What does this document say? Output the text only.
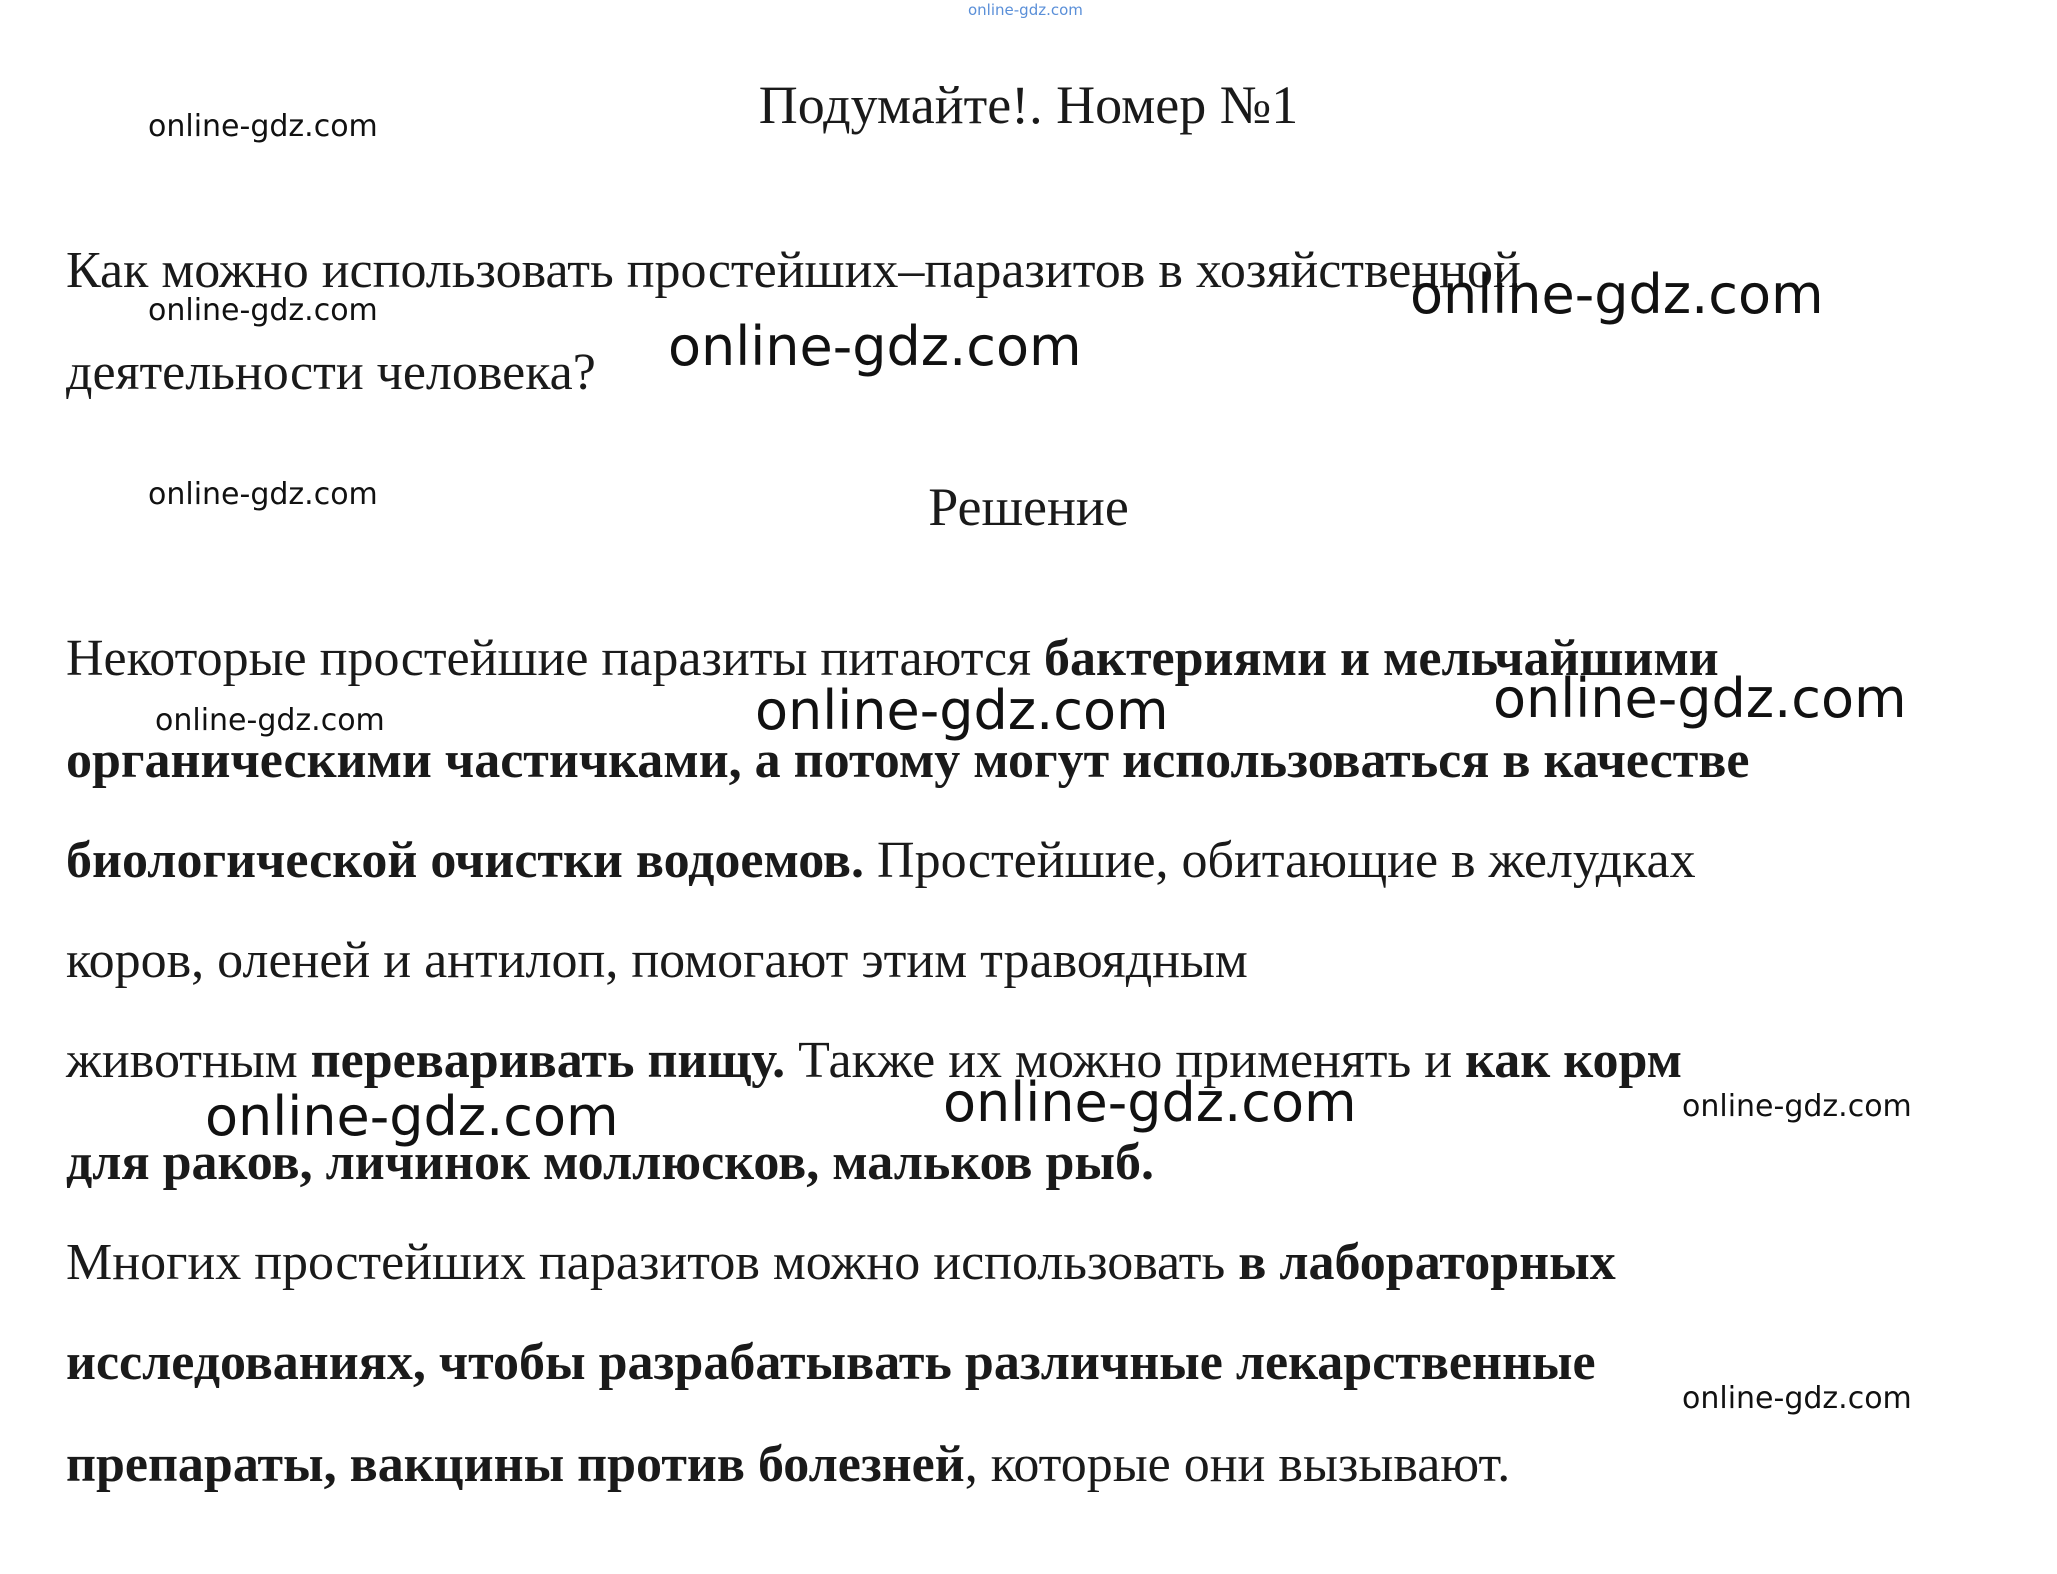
online-gdz.com
Подумайте!. Номер №1
Как можно использовать простейших–паразитов в хозяйственной
деятельности человека?
Решение
Некоторые простейшие паразиты питаются бактериями и мельчайшими
органическими частичками, а потому могут использоваться в качестве
биологической очистки водоемов. Простейшие, обитающие в желудках
коров, оленей и антилоп, помогают этим травоядным
животным переваривать пищу. Также их можно применять и как корм
для раков, личинок моллюсков, мальков рыб.
Многих простейших паразитов можно использовать в лабораторных
исследованиях, чтобы разрабатывать различные лекарственные
препараты, вакцины против болезней, которые они вызывают.
online-gdz.com
online-gdz.com	online-gdz.com
online-gdz.com
online-gdz.com
online-gdz.com	online-gdz.com	online-gdz.com
online-gdz.com	online-gdz.com	online-gdz.com
online-gdz.com
